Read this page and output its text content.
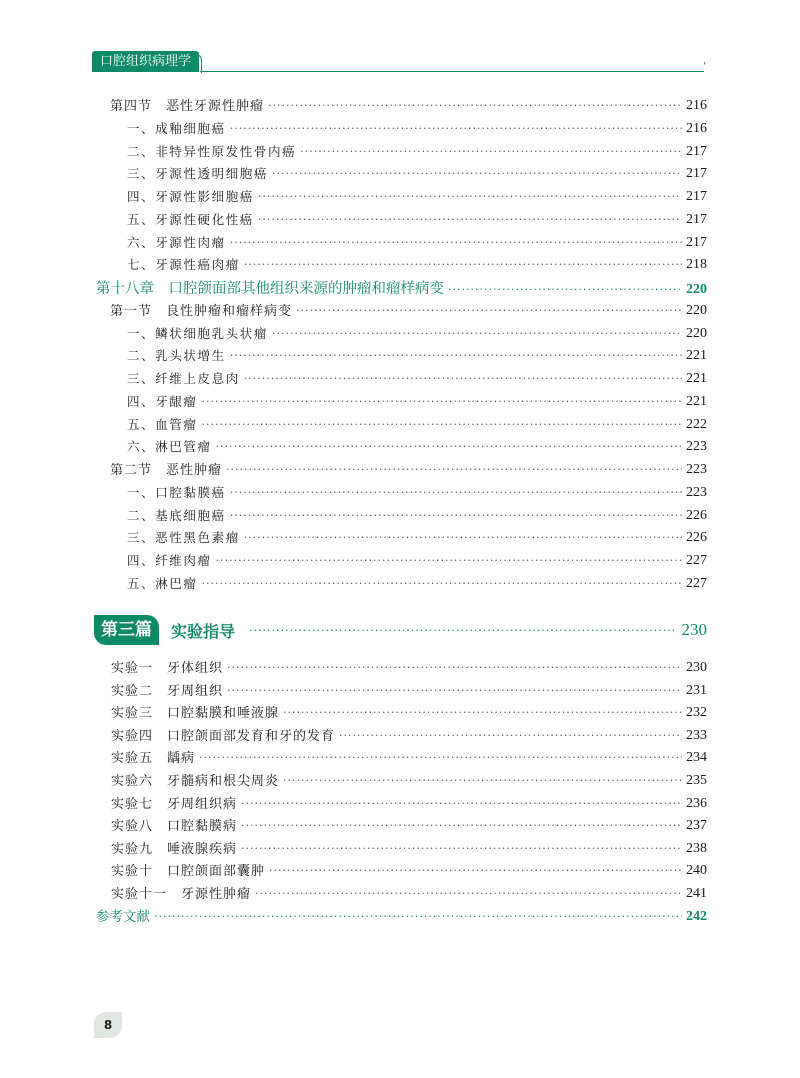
口腔组织病理学	'
第四节　恶性牙源性肿瘤 ·····	216
一、成釉细胞癌 ·····	216
二、非特异性原发性骨内癌 ·····	217
三、牙源性透明细胞癌 ·····	217
四、牙源性影细胞癌 ·····	217
五、牙源性硬化性癌 ·····	217
六、牙源性肉瘤 ·····	217
七、牙源性癌肉瘤 ·····	218
第十八章　口腔颌面部其他组织来源的肿瘤和瘤样病变 ·····	220
第一节　良性肿瘤和瘤样病变 ·····	220
一、鳞状细胞乳头状瘤 ·····	220
二、乳头状增生 ·····	221
三、纤维上皮息肉 ·····	221
四、牙龈瘤 ·····	221
五、血管瘤 ·····	222
六、淋巴管瘤 ·····	223
第二节　恶性肿瘤 ·····	223
一、口腔黏膜癌 ·····	223
二、基底细胞癌 ·····	226
三、恶性黑色素瘤 ·····	226
四、纤维肉瘤 ·····	227
五、淋巴瘤 ·····	227
第三篇	实验指导 ·····	230
实验一　牙体组织 ·····	230
实验二　牙周组织 ·····	231
实验三　口腔黏膜和唾液腺 ·····	232
实验四　口腔颌面部发育和牙的发育 ·····	233
实验五　龋病 ·····	234
实验六　牙髓病和根尖周炎 ·····	235
实验七　牙周组织病 ·····	236
实验八　口腔黏膜病 ·····	237
实验九　唾液腺疾病 ·····	238
实验十　口腔颌面部囊肿 ·····	240
实验十一　牙源性肿瘤 ·····	241
参考文献 ·····	242
8
